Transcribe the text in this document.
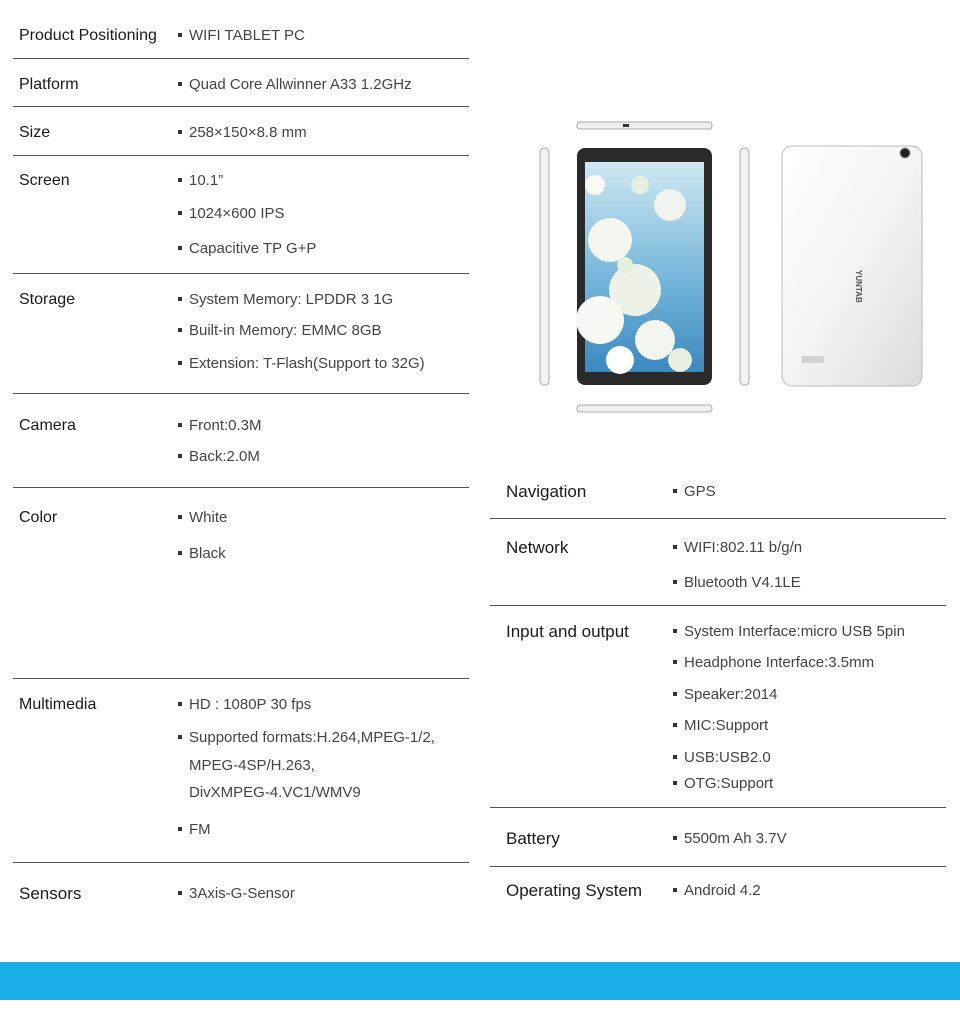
Product Positioning	WIFI TABLET PC
Platform	Quad Core Allwinner A33 1.2GHz
Size	258×150×8.8 mm
Screen	10.1”
1024×600 IPS
Capacitive TP G+P
Storage	System Memory: LPDDR 3 1G
Built-in Memory: EMMC 8GB
Extension: T-Flash(Support to 32G)
Camera	Front:0.3M
Back:2.0M
Color	White
Black
Multimedia	HD : 1080P 30 fps
Supported formats:H.264,MPEG-1/2,
MPEG-4SP/H.263,
DivXMPEG-4.VC1/WMV9
FM
Sensors	3Axis-G-Sensor
YUNTAB
Navigation	GPS
Network	WIFI:802.11 b/g/n
Bluetooth V4.1LE
Input and output	System Interface:micro USB 5pin
Headphone Interface:3.5mm
Speaker:2014
MIC:Support
USB:USB2.0
OTG:Support
Battery	5500m Ah 3.7V
Operating System	Android 4.2
